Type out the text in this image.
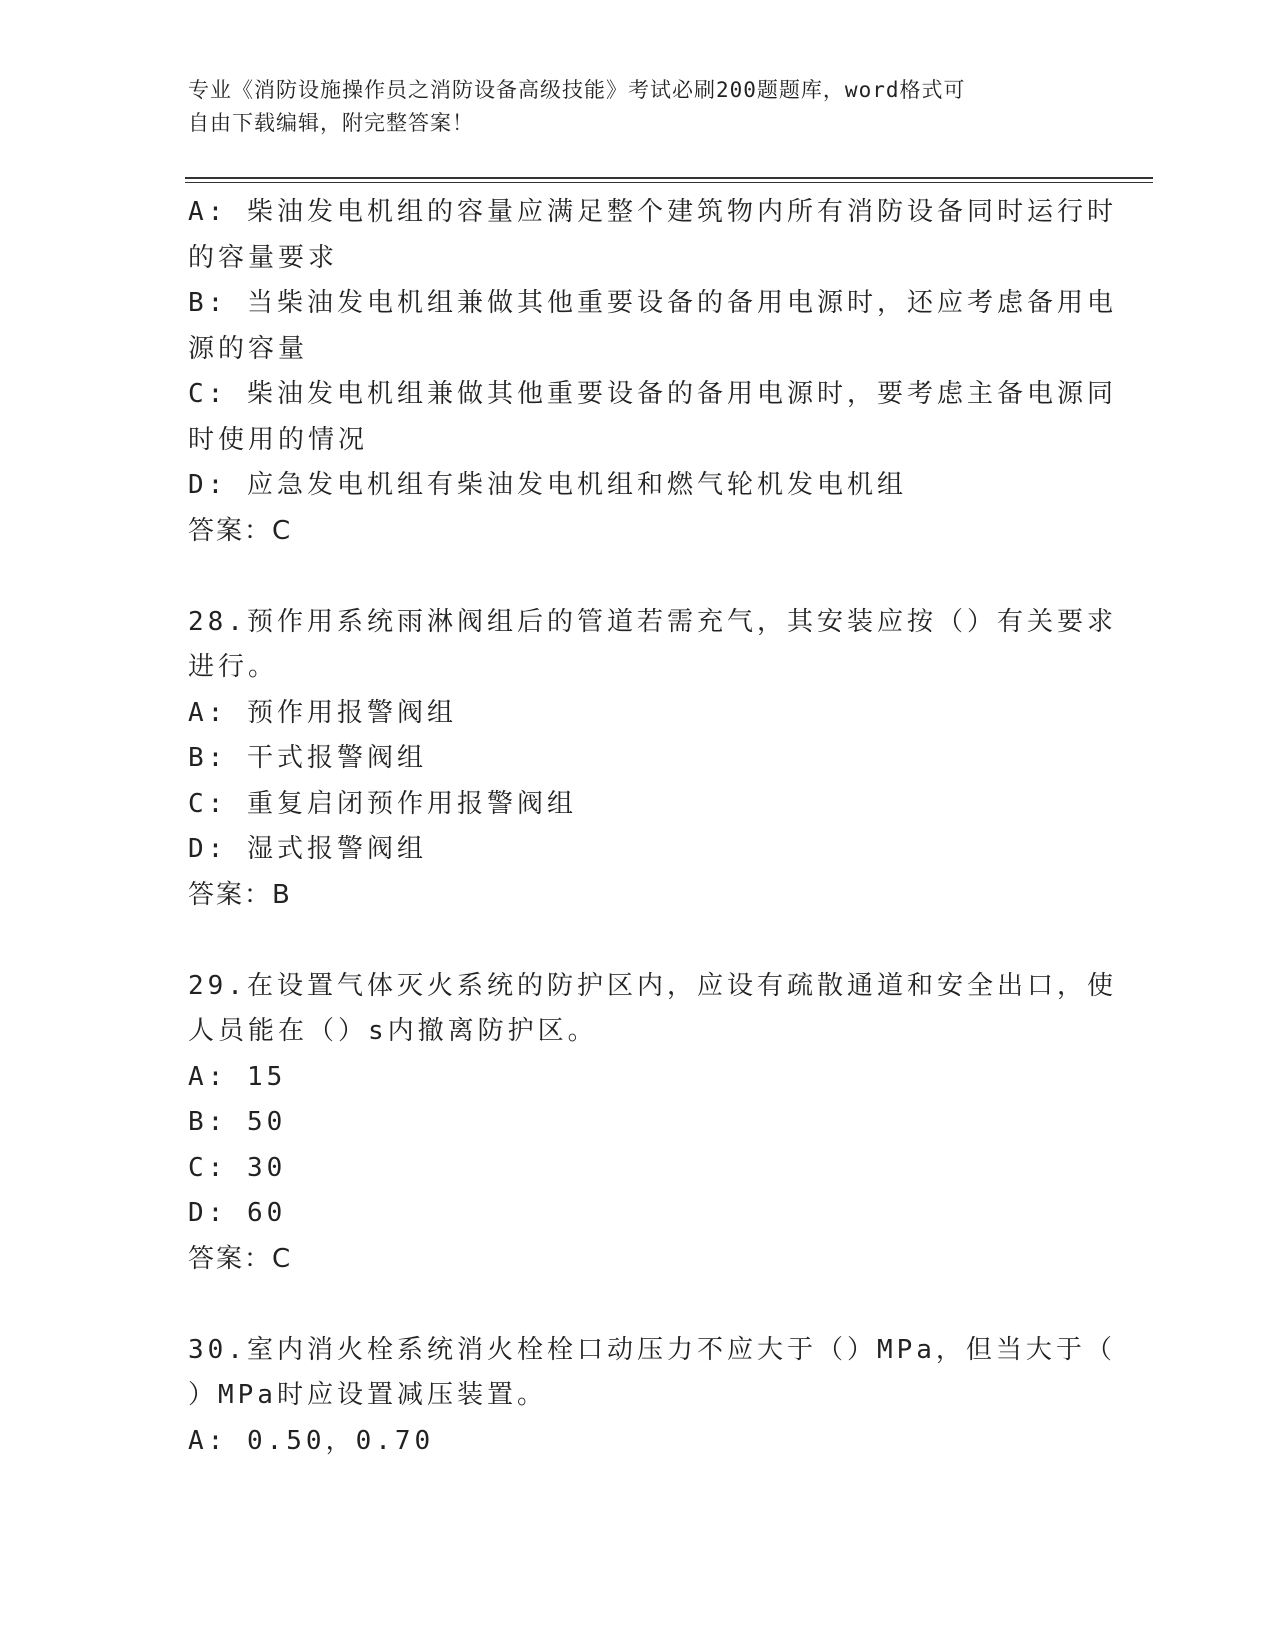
专业《消防设施操作员之消防设备高级技能》考试必刷200题题库，word格式可
自由下载编辑，附完整答案！
A: 柴油发电机组的容量应满足整个建筑物内所有消防设备同时运行时
的容量要求
B: 当柴油发电机组兼做其他重要设备的备用电源时，还应考虑备用电
源的容量
C: 柴油发电机组兼做其他重要设备的备用电源时，要考虑主备电源同
时使用的情况
D: 应急发电机组有柴油发电机组和燃气轮机发电机组
答案：C
28.预作用系统雨淋阀组后的管道若需充气，其安装应按（）有关要求
进行。
A: 预作用报警阀组
B: 干式报警阀组
C: 重复启闭预作用报警阀组
D: 湿式报警阀组
答案：B
29.在设置气体灭火系统的防护区内，应设有疏散通道和安全出口，使
人员能在（）s内撤离防护区。
A: 15
B: 50
C: 30
D: 60
答案：C
30.室内消火栓系统消火栓栓口动压力不应大于（）MPa，但当大于（
）MPa时应设置减压装置。
A: 0.50，0.70
